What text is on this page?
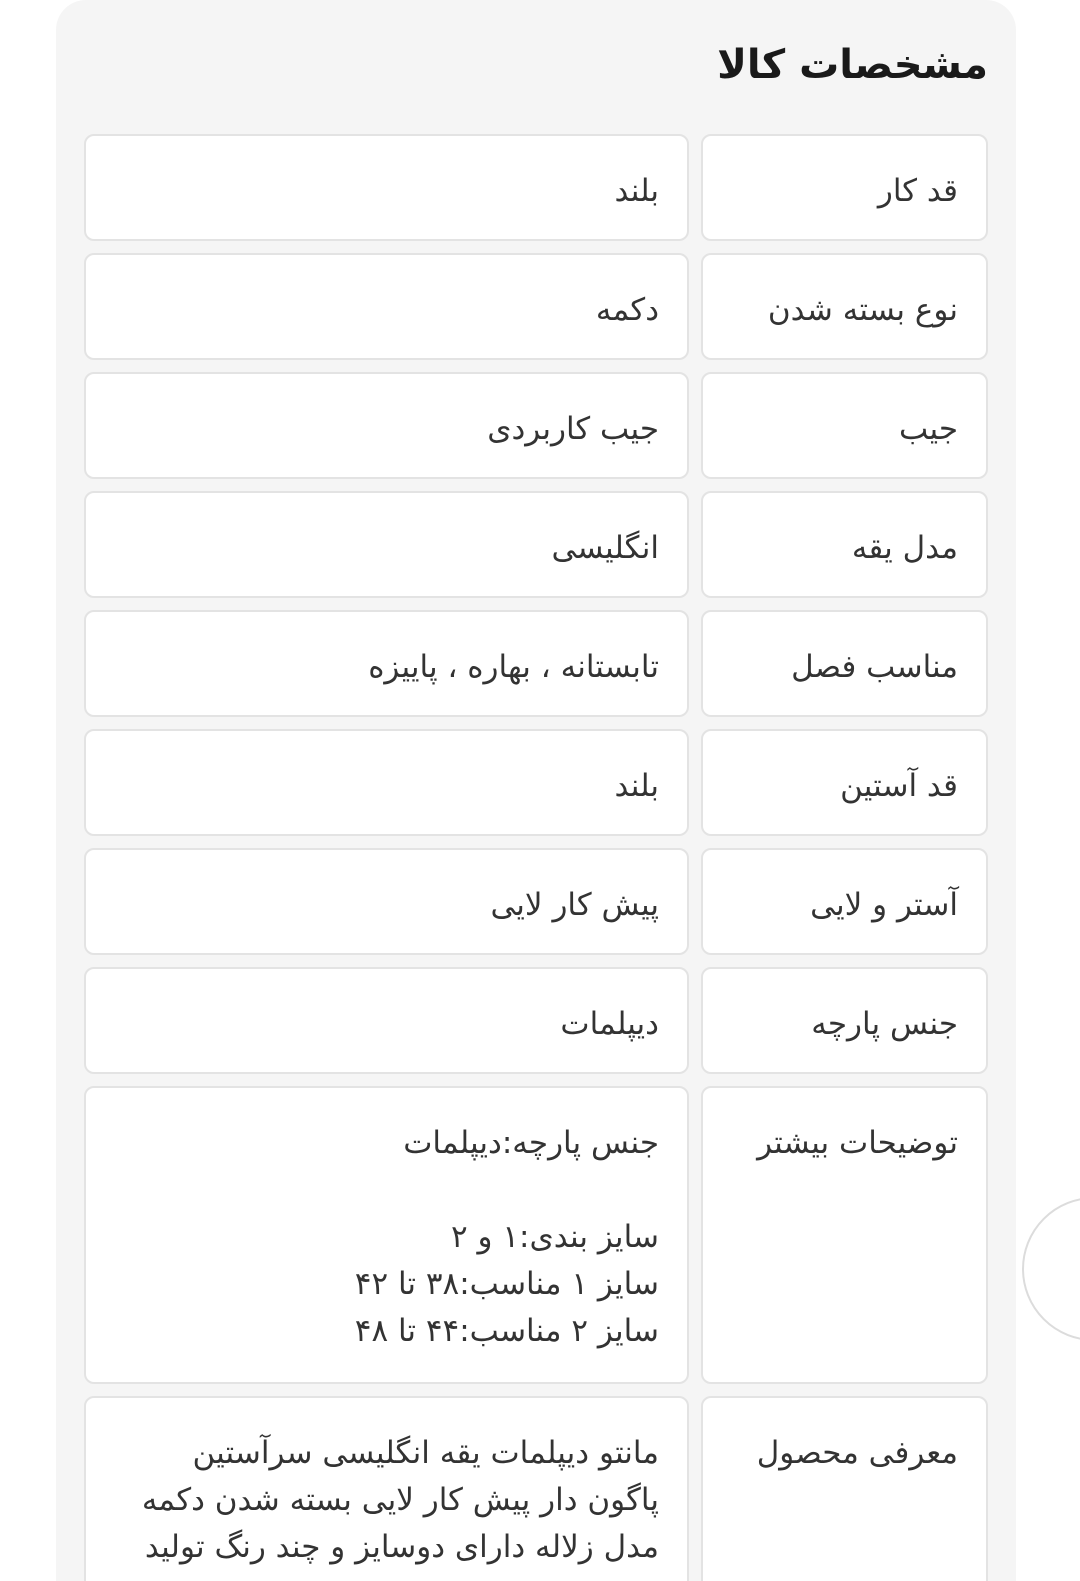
مشخصات کالا
قد کار
بلند
نوع بسته شدن
دکمه
جیب
جیب کاربردی
مدل یقه
انگلیسی
مناسب فصل
تابستانه ، بهاره ، پاییزه
قد آستین
بلند
آستر و لایی
پیش کار لایی
جنس پارچه
دیپلمات
توضیحات بیشتر
جنس پارچه:دیپلمات

سایز بندی:۱ و ۲
سایز ۱ مناسب:۳۸ تا ۴۲
سایز ۲ مناسب:۴۴ تا ۴۸
معرفی محصول
مانتو دیپلمات یقه انگلیسی سرآستین پاگون دار پیش کار لایی بسته شدن دکمه مدل زلاله دارای دوسایز و چند رنگ تولید
